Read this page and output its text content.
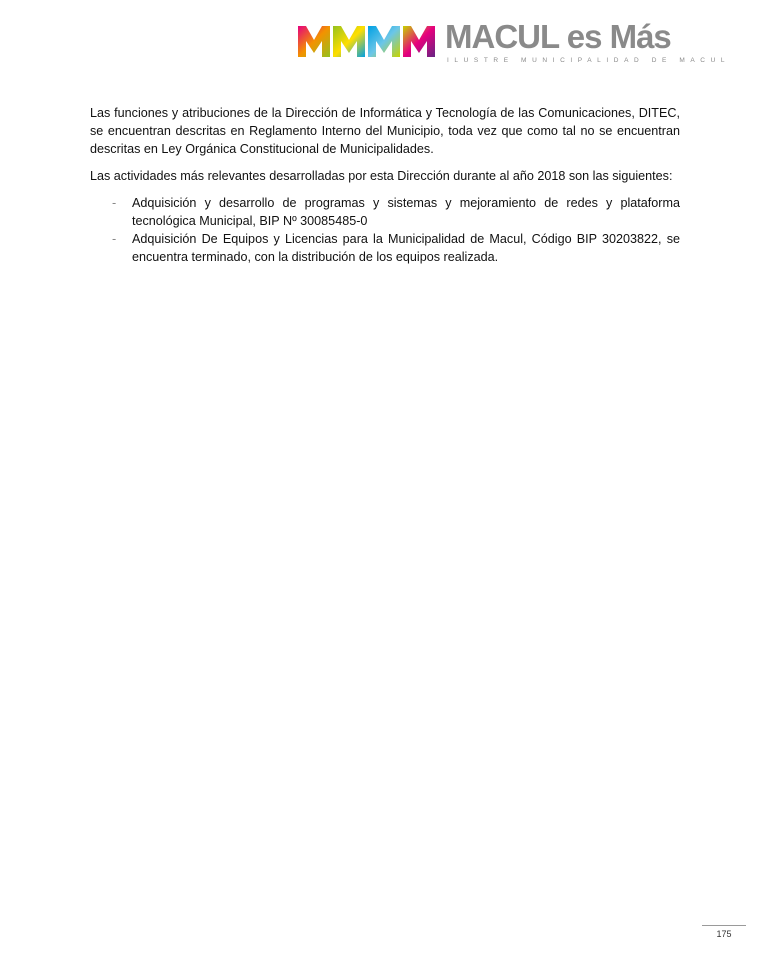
MACUL es Más
ILUSTRE MUNICIPALIDAD DE MACUL

Las funciones y atribuciones de la Dirección de Informática y Tecnología de las Comunicaciones, DITEC, se encuentran descritas en Reglamento Interno del Municipio, toda vez que como tal no se encuentran descritas en Ley Orgánica Constitucional de Municipalidades.

Las actividades más relevantes desarrolladas por esta Dirección durante al año 2018 son las siguientes:

- Adquisición y desarrollo de programas y sistemas y mejoramiento de redes y plataforma tecnológica Municipal, BIP Nº 30085485-0
- Adquisición De Equipos y Licencias para la Municipalidad de Macul, Código BIP 30203822, se encuentra terminado, con la distribución de los equipos realizada.
175
